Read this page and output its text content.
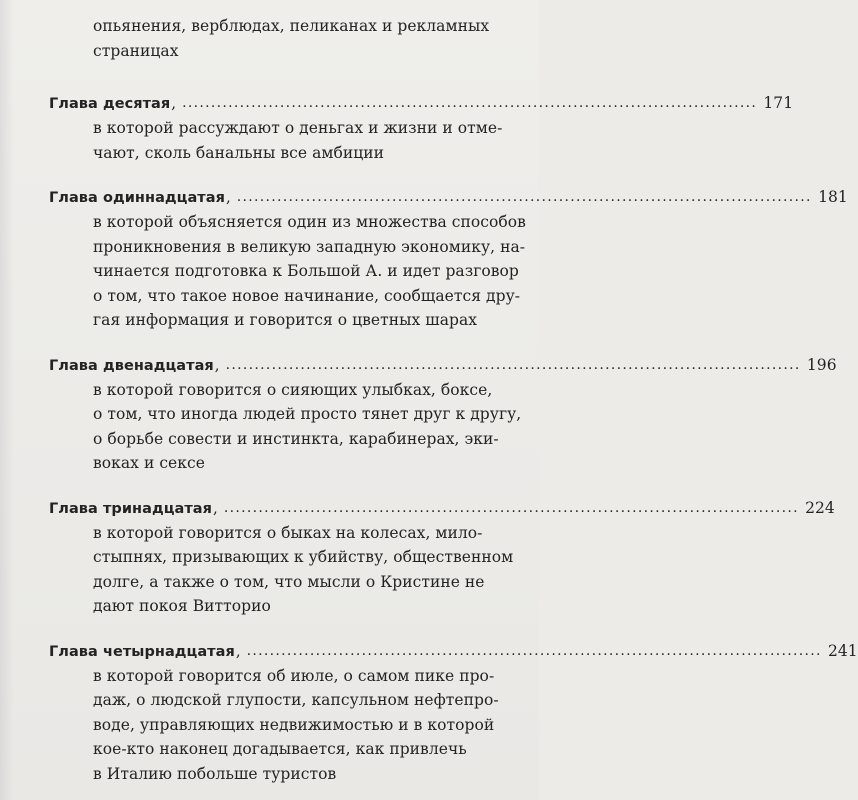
опьянения, верблюдах, пеликанах и рекламных
страницах
Глава десятая , .................................................................................................... 171
в которой рассуждают о деньгах и жизни и отме-
чают, сколь банальны все амбиции
Глава одиннадцатая , .................................................................................................... 181
в которой объясняется один из множества способов
проникновения в великую западную экономику, на-
чинается подготовка к Большой А. и идет разговор
о том, что такое новое начинание, сообщается дру-
гая информация и говорится о цветных шарах
Глава двенадцатая , .................................................................................................... 196
в которой говорится о сияющих улыбках, боксе,
о том, что иногда людей просто тянет друг к другу,
о борьбе совести и инстинкта, карабинерах, эки-
воках и сексе
Глава тринадцатая , .................................................................................................... 224
в которой говорится о быках на колесах, мило-
стыпнях, призывающих к убийству, общественном
долге, а также о том, что мысли о Кристине не
дают покоя Витторио
Глава четырнадцатая , .................................................................................................... 241
в которой говорится об июле, о самом пике про-
даж, о людской глупости, капсульном нефтепро-
воде, управляющих недвижимостью и в которой
кое-кто наконец догадывается, как привлечь
в Италию побольше туристов
